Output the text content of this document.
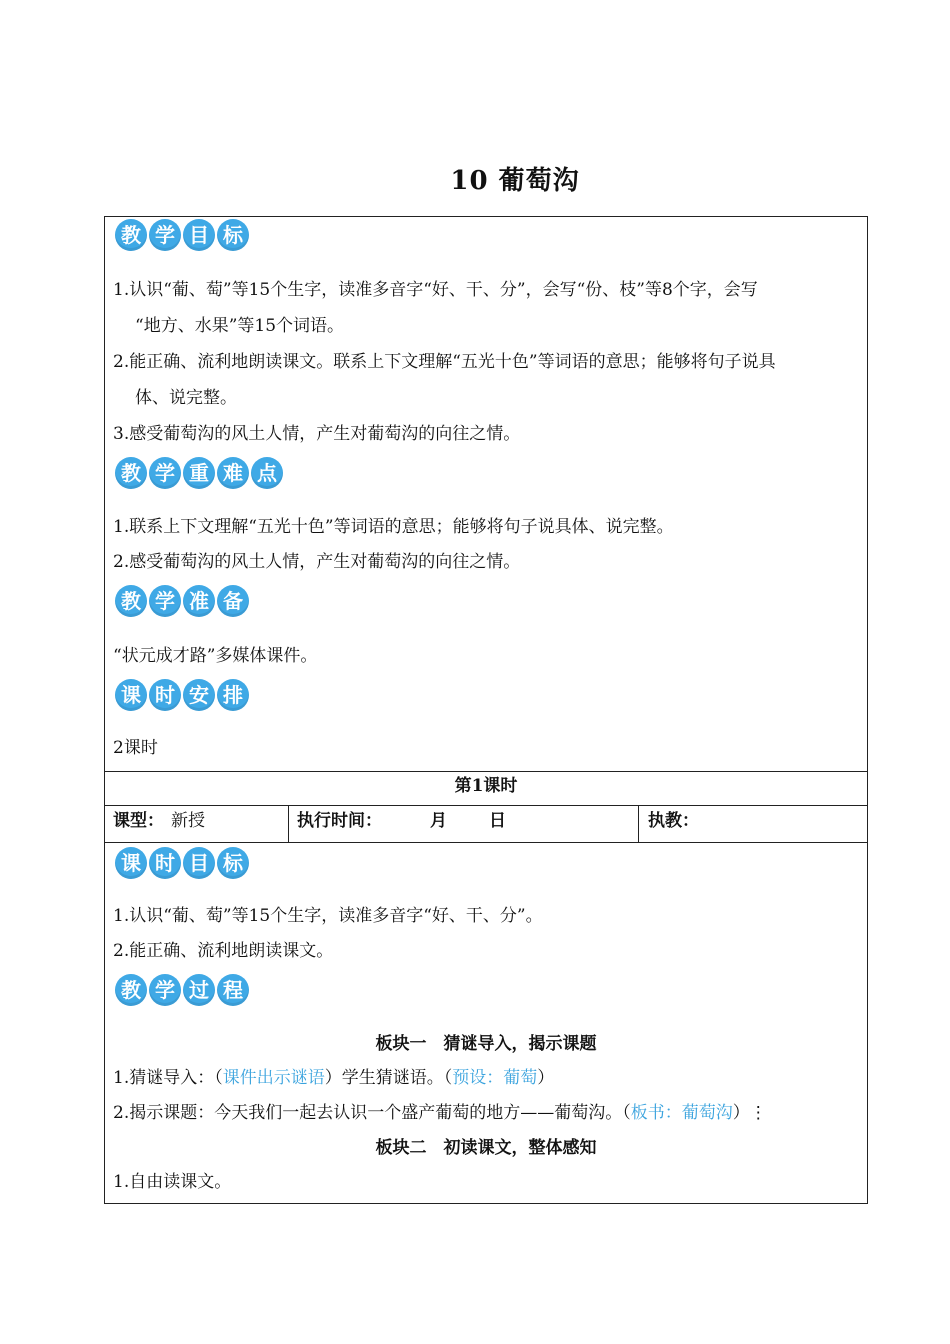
10 葡萄沟
教 学 目 标
1.认识“葡、萄”等15个生字，读准多音字“好、干、分”，会写“份、枝”等8个字，会写
“地方、水果”等15个词语。
2.能正确、流利地朗读课文。联系上下文理解“五光十色”等词语的意思；能够将句子说具
体、说完整。
3.感受葡萄沟的风土人情，产生对葡萄沟的向往之情。
教 学 重 难 点
1.联系上下文理解“五光十色”等词语的意思；能够将句子说具体、说完整。
2.感受葡萄沟的风土人情，产生对葡萄沟的向往之情。
教 学 准 备
“状元成才路”多媒体课件。
课 时 安 排
2课时
第1课时
课型： 新授	执行时间：	月 日	执教：
课 时 目 标
1.认识“葡、萄”等15个生字，读准多音字“好、干、分”。
2.能正确、流利地朗读课文。
教 学 过 程
板块一　猜谜导入，揭示课题
1.猜谜导入：（课件出示谜语）学生猜谜语。（预设：葡萄）
2.揭示课题：今天我们一起去认识一个盛产葡萄的地方——葡萄沟。（板书：葡萄沟）⋮
板块二　初读课文，整体感知
1.自由读课文。
